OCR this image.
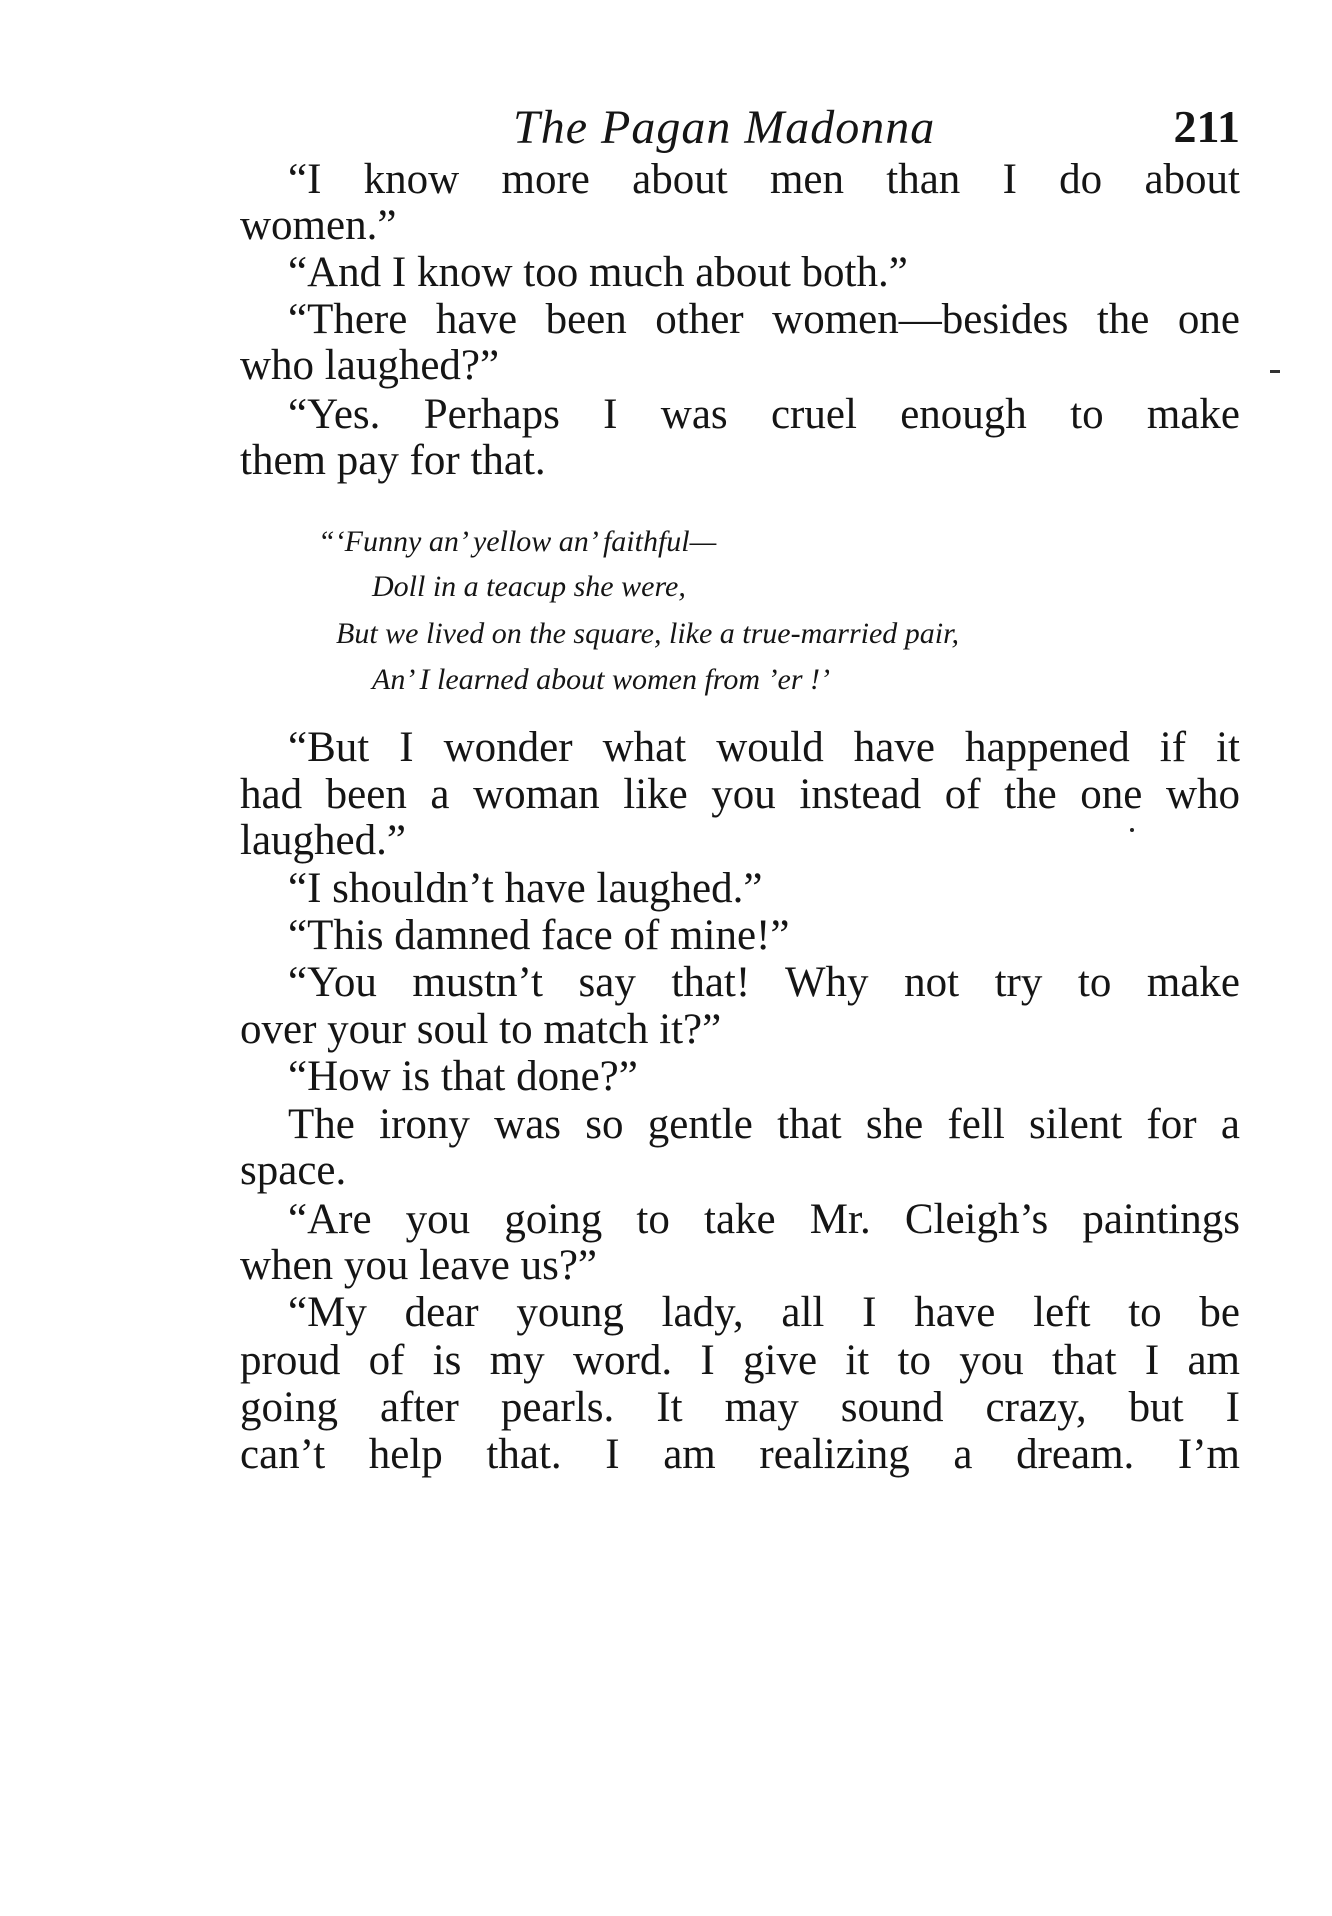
The Pagan Madonna	211
“I know more about men than I do about
women.”
“And I know too much about both.”
“There have been other women—besides the one
who laughed?”
“Yes. Perhaps I was cruel enough to make
them pay for that.
“‘Funny an’ yellow an’ faithful—
Doll in a teacup she were,
But we lived on the square, like a true-married pair,
An’ I learned about women from ’er !’
“But I wonder what would have happened if it
had been a woman like you instead of the one who
laughed.”
“I shouldn’t have laughed.”
“This damned face of mine!”
“You mustn’t say that! Why not try to make
over your soul to match it?”
“How is that done?”
The irony was so gentle that she fell silent for a
space.
“Are you going to take Mr. Cleigh’s paintings
when you leave us?”
“My dear young lady, all I have left to be
proud of is my word. I give it to you that I am
going after pearls. It may sound crazy, but I
can’t help that. I am realizing a dream. I’m
